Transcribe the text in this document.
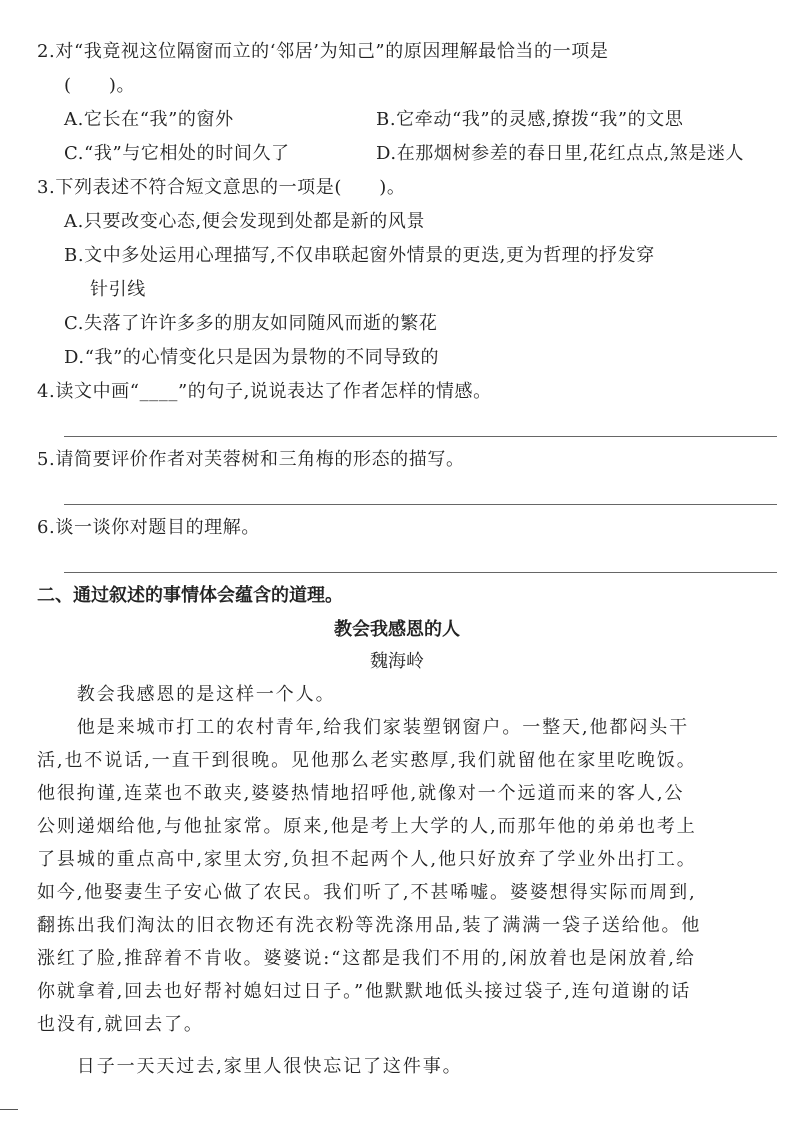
2.对“我竟视这位隔窗而立的‘邻居’为知己”的原因理解最恰当的一项是
(　　)。
A.它长在“我”的窗外	B.它牵动“我”的灵感,撩拨“我”的文思
C.“我”与它相处的时间久了	D.在那烟树参差的春日里,花红点点,煞是迷人
3.下列表述不符合短文意思的一项是(　　)。
A.只要改变心态,便会发现到处都是新的风景
B.文中多处运用心理描写,不仅串联起窗外情景的更迭,更为哲理的抒发穿
针引线
C.失落了许许多多的朋友如同随风而逝的繁花
D.“我”的心情变化只是因为景物的不同导致的
4.读文中画“____”的句子,说说表达了作者怎样的情感。
5.请简要评价作者对芙蓉树和三角梅的形态的描写。
6.谈一谈你对题目的理解。
二、通过叙述的事情体会蕴含的道理。
教会我感恩的人
魏海岭
　　教会我感恩的是这样一个人。
　　他是来城市打工的农村青年,给我们家装塑钢窗户。一整天,他都闷头干
活,也不说话,一直干到很晚。见他那么老实憨厚,我们就留他在家里吃晚饭。
他很拘谨,连菜也不敢夹,婆婆热情地招呼他,就像对一个远道而来的客人,公
公则递烟给他,与他扯家常。原来,他是考上大学的人,而那年他的弟弟也考上
了县城的重点高中,家里太穷,负担不起两个人,他只好放弃了学业外出打工。
如今,他娶妻生子安心做了农民。我们听了,不甚唏嘘。婆婆想得实际而周到,
翻拣出我们淘汰的旧衣物还有洗衣粉等洗涤用品,装了满满一袋子送给他。他
涨红了脸,推辞着不肯收。婆婆说:“这都是我们不用的,闲放着也是闲放着,给
你就拿着,回去也好帮衬媳妇过日子。”他默默地低头接过袋子,连句道谢的话
也没有,就回去了。
　　日子一天天过去,家里人很快忘记了这件事。
